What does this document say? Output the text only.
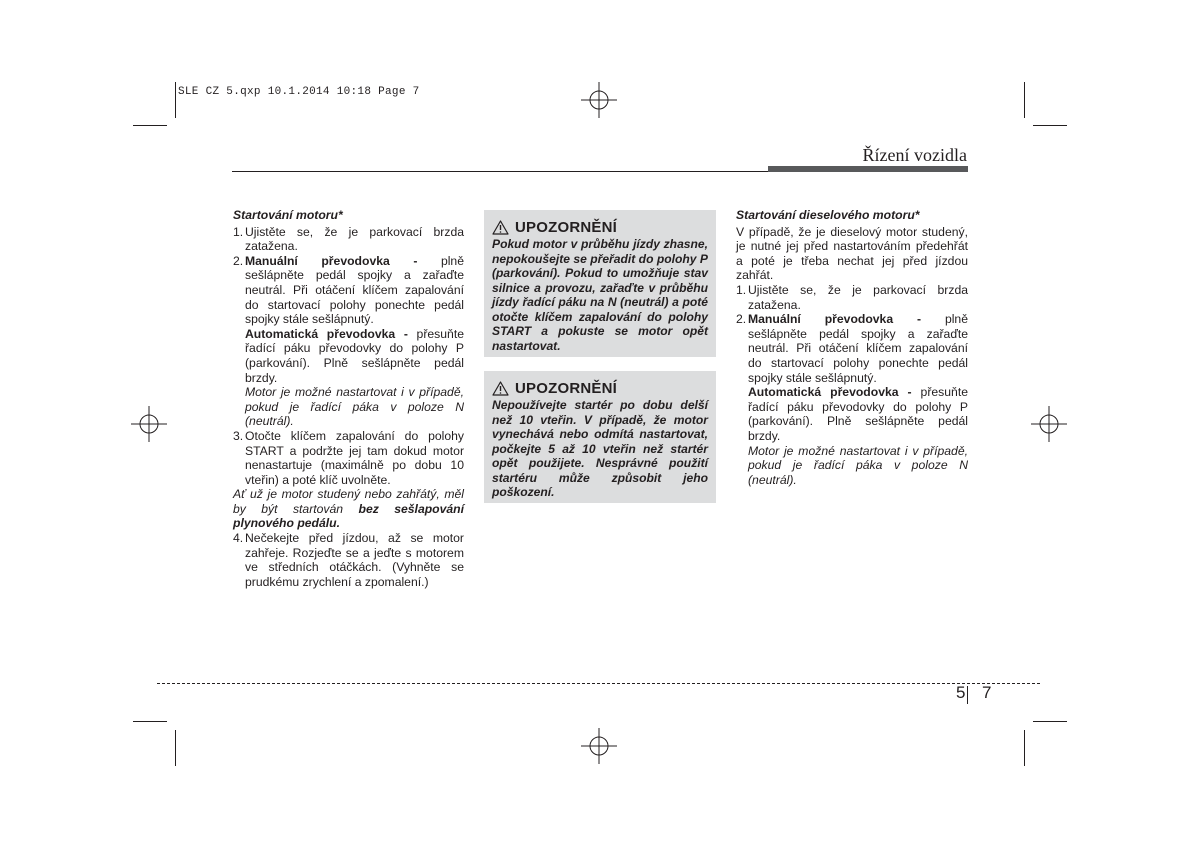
SLE CZ 5.qxp 10.1.2014 10:18 Page 7
Řízení vozidla

Startování motoru*

1. Ujistěte se, že je parkovací brzda zatažena.
2. Manuální převodovka - plně sešlápněte pedál spojky a zařaďte neutrál. Při otáčení klíčem zapalování do startovací polohy ponechte pedál spojky stále sešlápnutý.

Automatická převodovka - přesuňte řadící páku převodovky do polohy P (parkování). Plně sešlápněte pedál brzdy.

Motor je možné nastartovat i v případě, pokud je řadící páka v poloze N (neutrál).

3. Otočte klíčem zapalování do polohy START a podržte jej tam dokud motor nenastartuje (maximálně po dobu 10 vteřin) a poté klíč uvolněte.

Ať už je motor studený nebo zahřátý, měl by být startován bez sešlapování plynového pedálu.

4. Nečekejte před jízdou, až se motor zahřeje. Rozjeďte se a jeďte s motorem ve středních otáčkách. (Vyhněte se prudkému zrychlení a zpomalení.)
UPOZORNĚNÍ

Pokud motor v průběhu jízdy zhasne, nepokoušejte se přeřadit do polohy P (parkování). Pokud to umožňuje stav silnice a provozu, zařaďte v průběhu jízdy řadící páku na N (neutrál) a poté otočte klíčem zapalování do polohy START a pokuste se motor opět nastartovat.

UPOZORNĚNÍ

Nepoužívejte startér po dobu delší než 10 vteřin. V případě, že motor vynechává nebo odmítá nastartovat, počkejte 5 až 10 vteřin než startér opět použijete. Nesprávné použití startéru může způsobit jeho poškození.

Startování dieselového motoru*

V případě, že je dieselový motor studený, je nutné jej před nastartováním předehřát a poté je třeba nechat jej před jízdou zahřát.

1. Ujistěte se, že je parkovací brzda zatažena.
2. Manuální převodovka - plně sešlápněte pedál spojky a zařaďte neutrál. Při otáčení klíčem zapalování do startovací polohy ponechte pedál spojky stále sešlápnutý.

Automatická převodovka - přesuňte řadící páku převodovky do polohy P (parkování). Plně sešlápněte pedál brzdy.

Motor je možné nastartovat i v případě, pokud je řadící páka v poloze N (neutrál).

5 7
